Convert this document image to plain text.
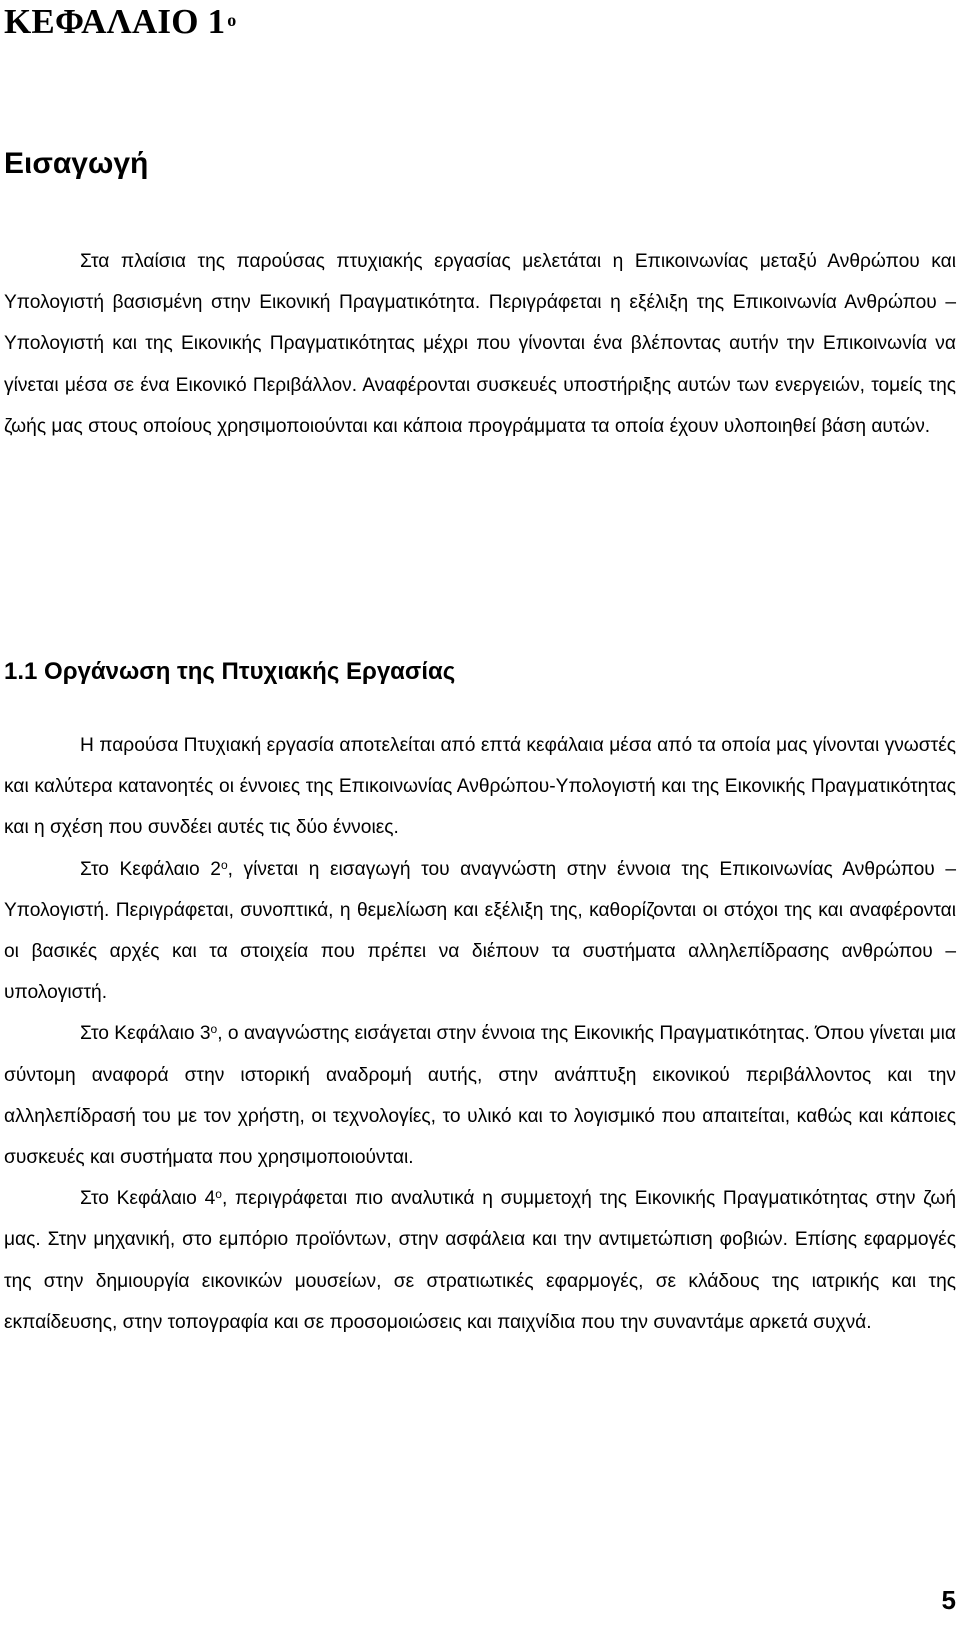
ΚΕΦΑΛΑΙΟ 1 $^o$
Εισαγωγή

Στα πλαίσια της παρούσας πτυχιακής εργασίας μελετάται η Επικοινωνίας μεταξύ Ανθρώπου και Υπολογιστή βασισμένη στην Εικονική Πραγματικότητα. Περιγράφεται η εξέλιξη της Επικοινωνία Ανθρώπου –Υπολογιστή και της Εικονικής Πραγματικότητας μέχρι που γίνονται ένα βλέποντας αυτήν την Επικοινωνία να γίνεται μέσα σε ένα Εικονικό Περιβάλλον. Αναφέρονται συσκευές υποστήριξης αυτών των ενεργειών, τομείς της ζωής μας στους οποίους χρησιμοποιούνται και κάποια προγράμματα τα οποία έχουν υλοποιηθεί βάση αυτών.

1.1 Οργάνωση της Πτυχιακής Εργασίας

Η παρούσα Πτυχιακή εργασία αποτελείται από επτά κεφάλαια μέσα από τα οποία μας γίνονται γνωστές και καλύτερα κατανοητές οι έννοιες της Επικοινωνίας Ανθρώπου-Υπολογιστή και της Εικονικής Πραγματικότητας και η σχέση που συνδέει αυτές τις δύο έννοιες.

Στο Κεφάλαιο $2^o$, γίνεται η εισαγωγή του αναγνώστη στην έννοια της Επικοινωνίας Ανθρώπου – Υπολογιστή. Περιγράφεται, συνοπτικά, η θεμελίωση και εξέλιξη της, καθορίζονται οι στόχοι της και αναφέρονται οι βασικές αρχές και τα στοιχεία που πρέπει να διέπουν τα συστήματα αλληλεπίδρασης ανθρώπου – υπολογιστή.

Στο Κεφάλαιο $3^o$, ο αναγνώστης εισάγεται στην έννοια της Εικονικής Πραγματικότητας. Όπου γίνεται μια σύντομη αναφορά στην ιστορική αναδρομή αυτής, στην ανάπτυξη εικονικού περιβάλλοντος και την αλληλεπίδρασή του με τον χρήστη, οι τεχνολογίες, το υλικό και το λογισμικό που απαιτείται, καθώς και κάποιες συσκευές και συστήματα που χρησιμοποιούνται.

Στο Κεφάλαιο $4^o$, περιγράφεται πιο αναλυτικά η συμμετοχή της Εικονικής Πραγματικότητας στην ζωή μας. Στην μηχανική, στο εμπόριο προϊόντων, στην ασφάλεια και την αντιμετώπιση φοβιών. Επίσης εφαρμογές της στην δημιουργία εικονικών μουσείων, σε στρατιωτικές εφαρμογές, σε κλάδους της ιατρικής και της εκπαίδευσης, στην τοπογραφία και σε προσομοιώσεις και παιχνίδια που την συναντάμε αρκετά συχνά.

5
